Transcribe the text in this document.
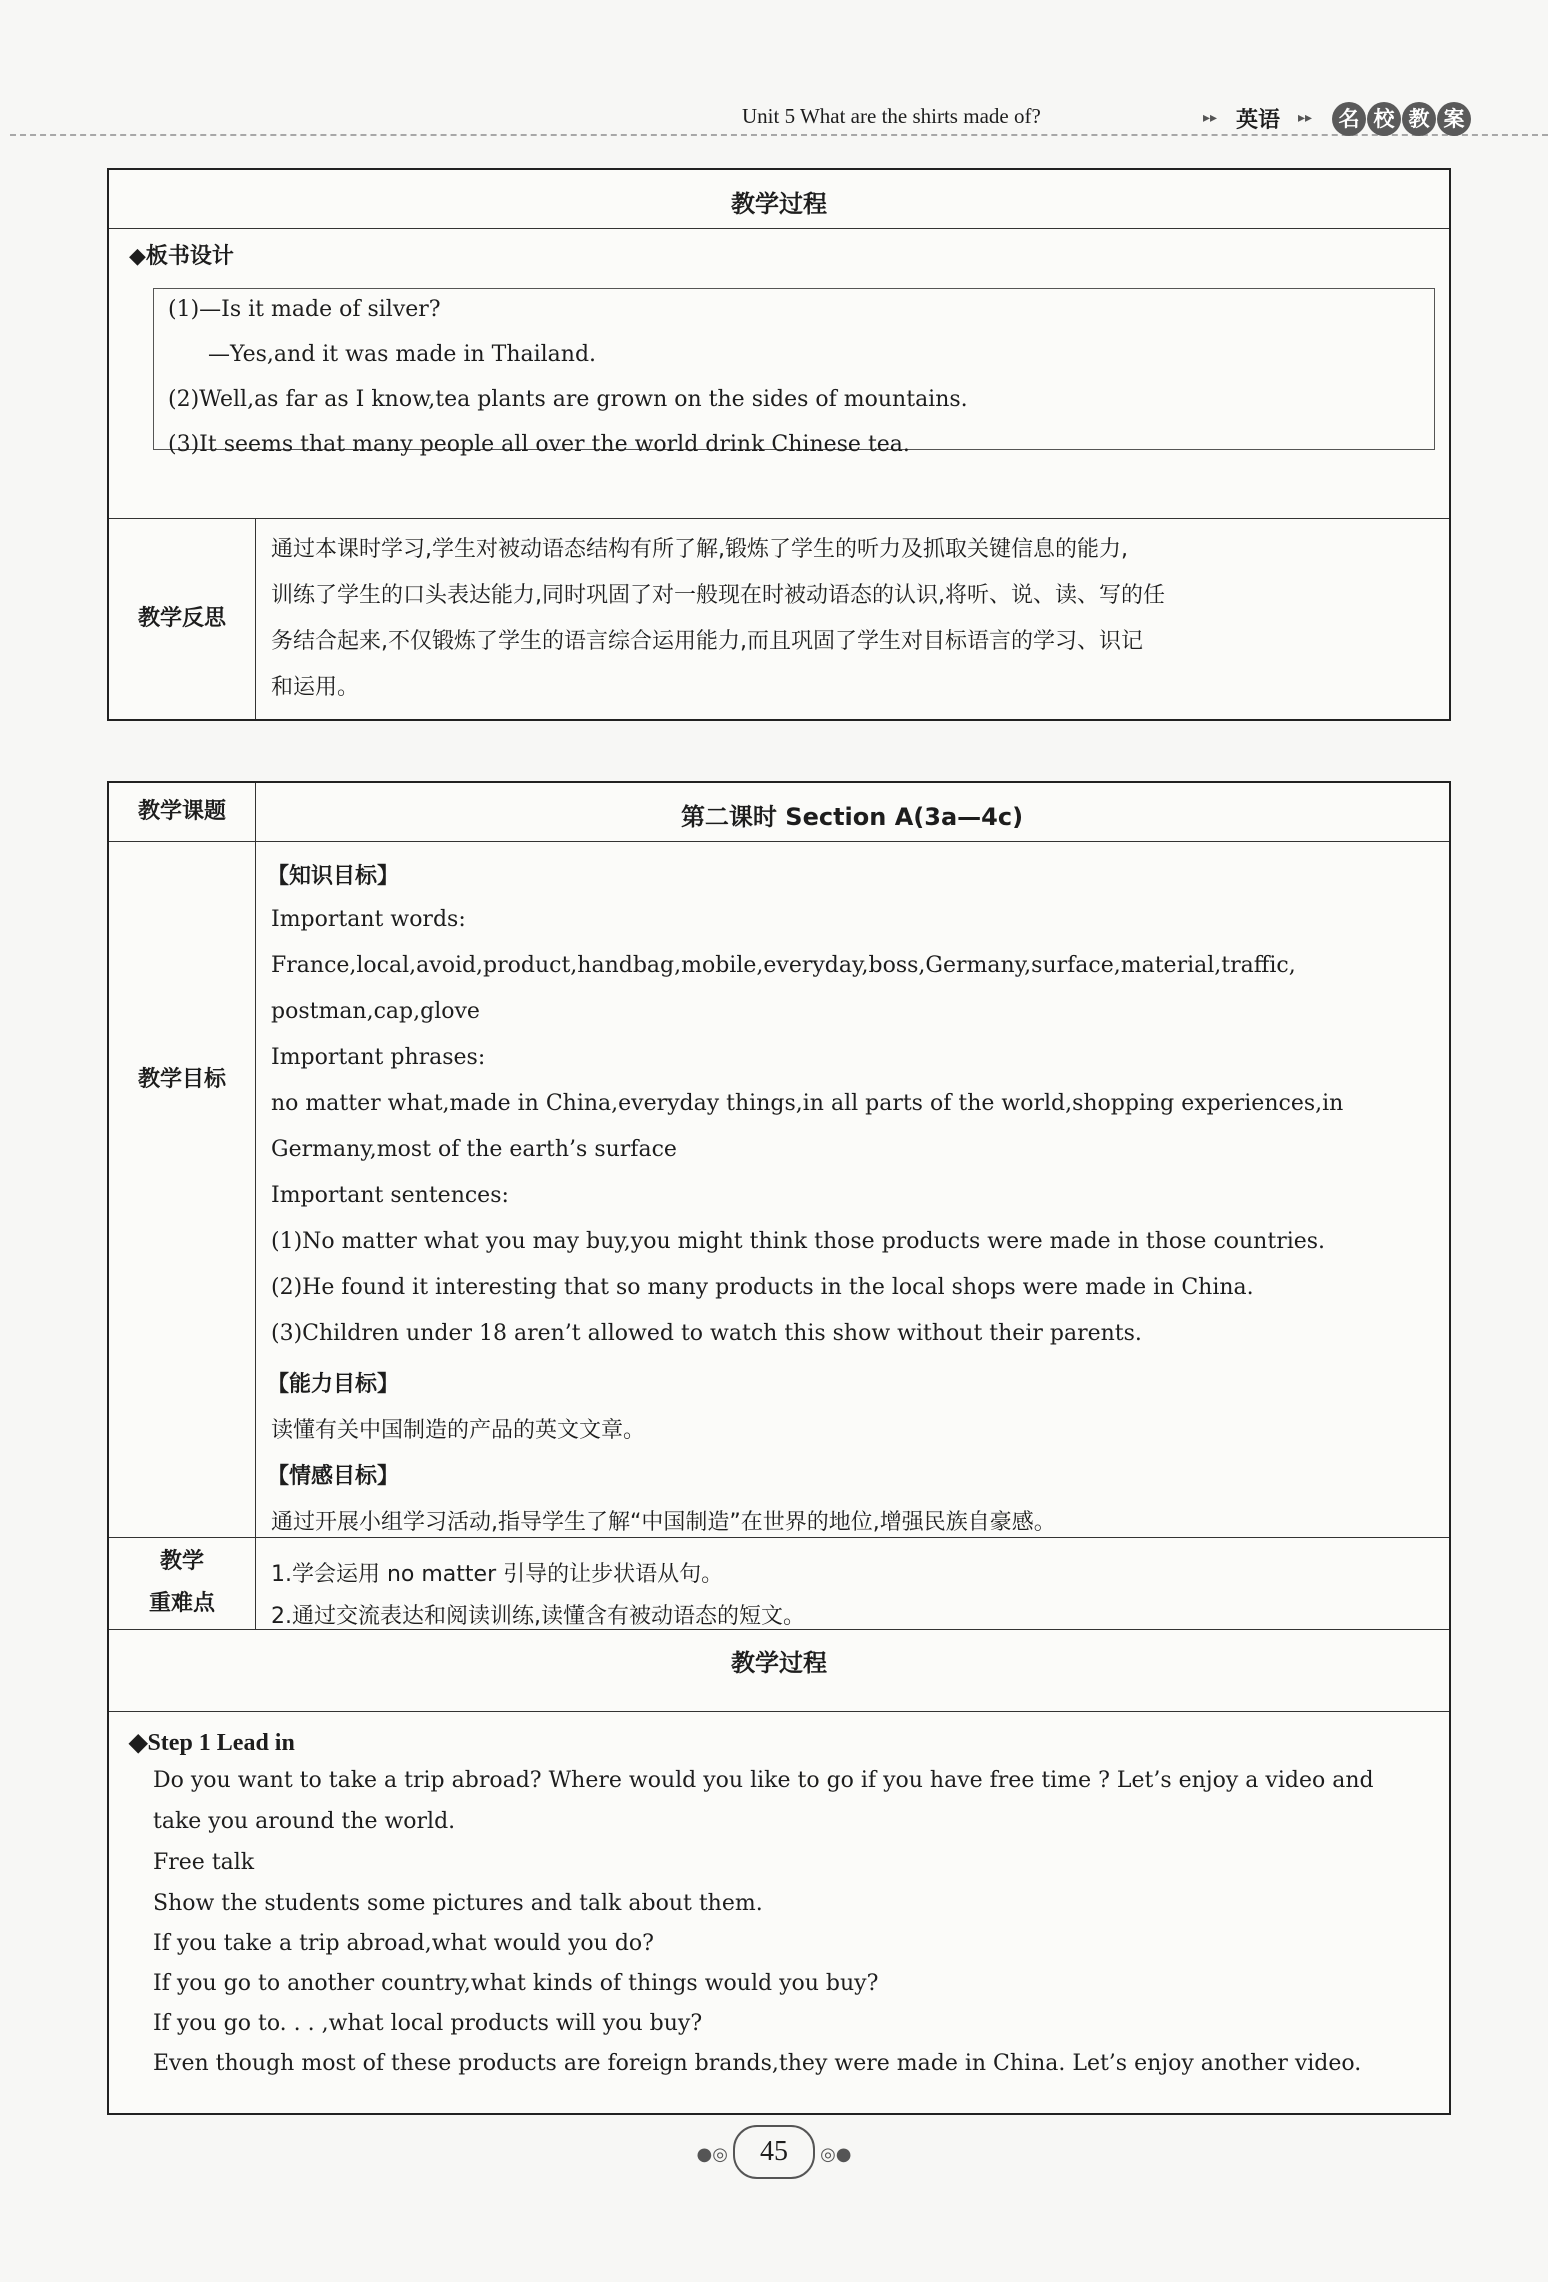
Unit 5 What are the shirts made of?	▸▸ 英语 ▸▸	名 校 教 案
教学过程
◆板书设计
(1)—Is it made of silver?
—Yes,and it was made in Thailand.
(2)Well,as far as I know,tea plants are grown on the sides of mountains.
(3)It seems that many people all over the world drink Chinese tea.
教学反思
通过本课时学习,学生对被动语态结构有所了解,锻炼了学生的听力及抓取关键信息的能力,
训练了学生的口头表达能力,同时巩固了对一般现在时被动语态的认识,将听、说、读、写的任
务结合起来,不仅锻炼了学生的语言综合运用能力,而且巩固了学生对目标语言的学习、识记
和运用。
教学课题	第二课时 Section A(3a—4c)
教学目标
【知识目标】
Important words:
France,local,avoid,product,handbag,mobile,everyday,boss,Germany,surface,material,traffic,
postman,cap,glove
Important phrases:
no matter what,made in China,everyday things,in all parts of the world,shopping experiences,in
Germany,most of the earth’s surface
Important sentences:
(1)No matter what you may buy,you might think those products were made in those countries.
(2)He found it interesting that so many products in the local shops were made in China.
(3)Children under 18 aren’t allowed to watch this show without their parents.
【能力目标】
读懂有关中国制造的产品的英文文章。
【情感目标】
通过开展小组学习活动,指导学生了解“中国制造”在世界的地位,增强民族自豪感。
教学
重难点
1.学会运用 no matter 引导的让步状语从句。
2.通过交流表达和阅读训练,读懂含有被动语态的短文。
教学过程
◆Step 1 Lead in
Do you want to take a trip abroad? Where would you like to go if you have free time ? Let’s enjoy a video and
take you around the world.
Free talk
Show the students some pictures and talk about them.
If you take a trip abroad,what would you do?
If you go to another country,what kinds of things would you buy?
If you go to. . . ,what local products will you buy?
Even though most of these products are foreign brands,they were made in China. Let’s enjoy another video.
●◎ 45 ◎●
